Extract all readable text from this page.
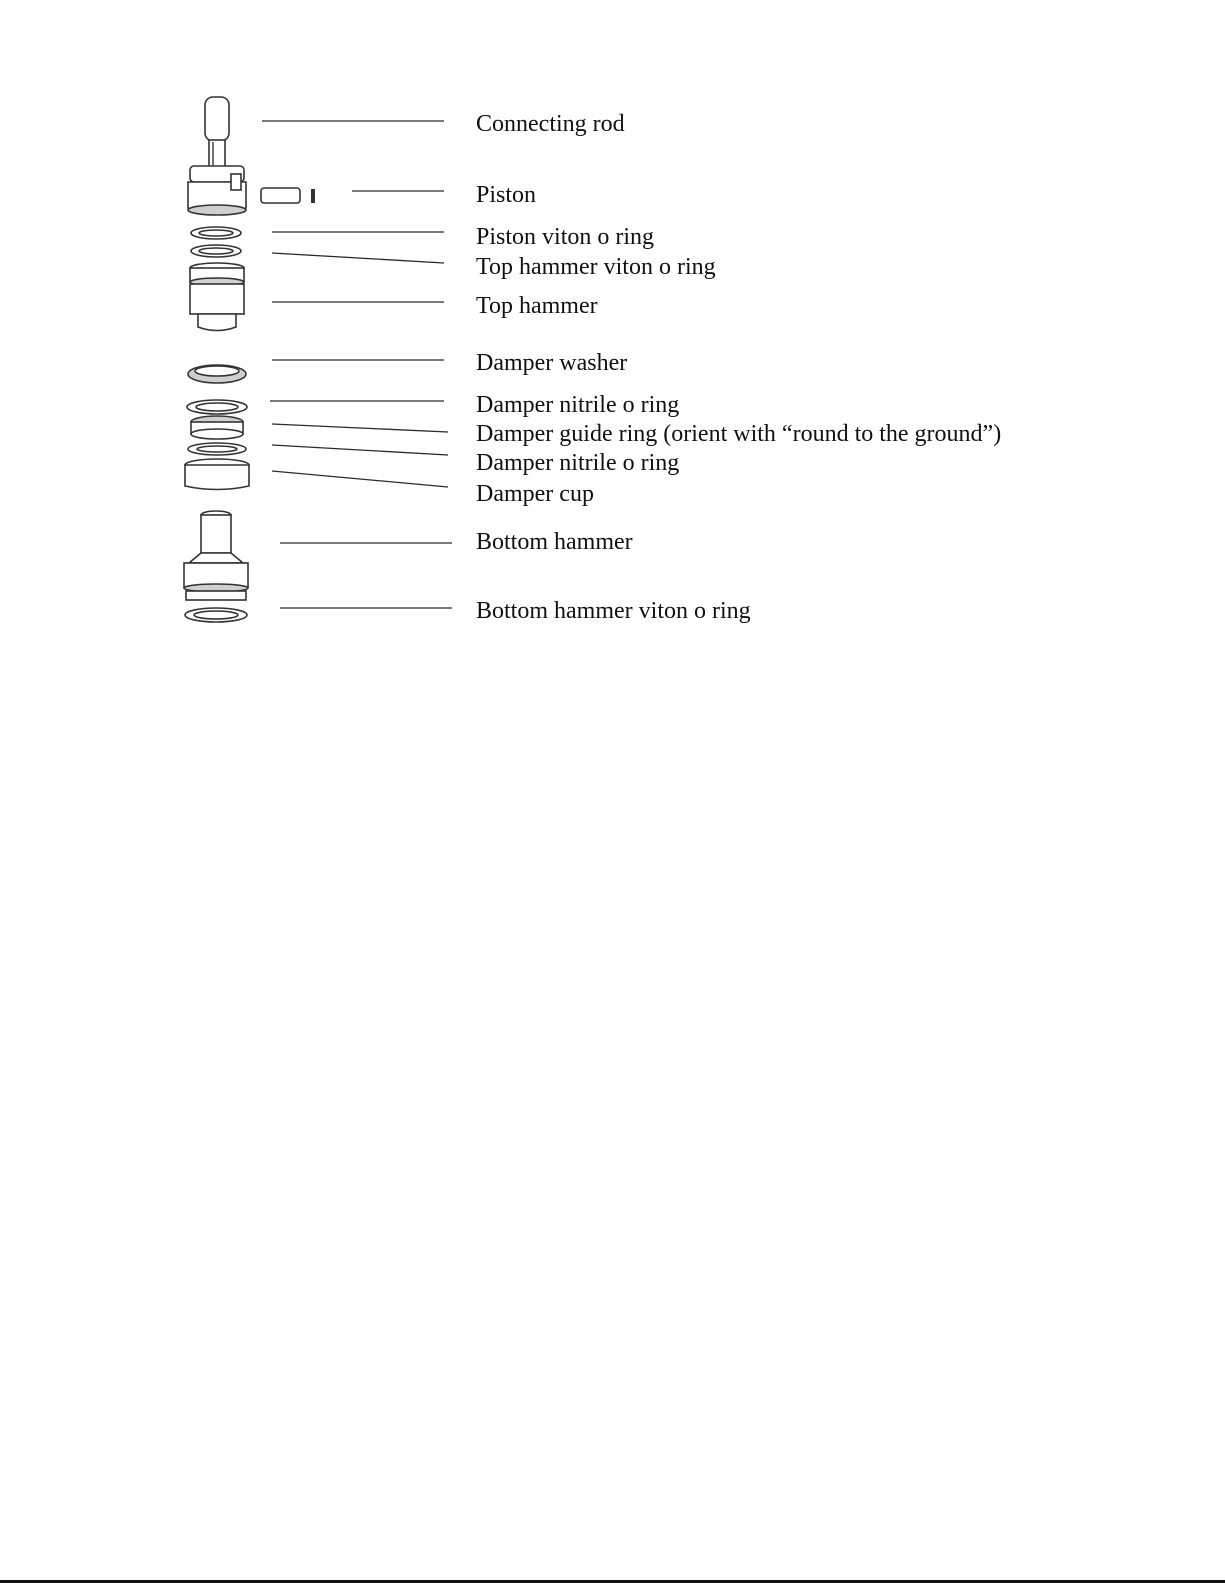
Connecting rod
Piston
Piston viton o ring
Top hammer viton o ring
Top hammer
Damper washer
Damper nitrile o ring
Damper guide ring (orient with “round to the ground”)
Damper nitrile o ring
Damper cup
Bottom hammer
Bottom hammer viton o ring
